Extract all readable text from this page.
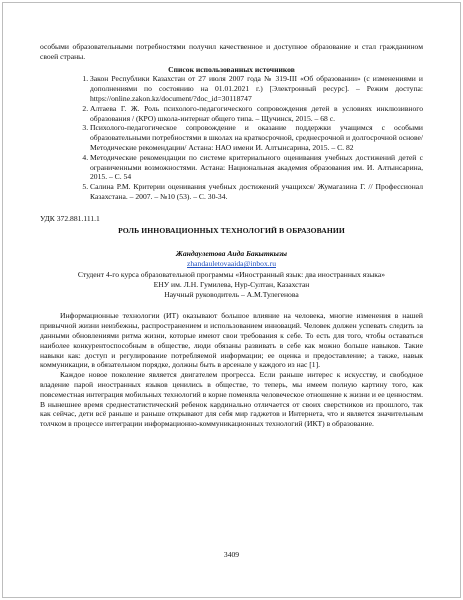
особыми образовательными потребностями получил качественное и доступное образование и стал гражданином своей страны.

Список использованных источников

1. Закон Республики Казахстан от 27 июля 2007 года № 319-III «Об образовании» (с изменениями и дополнениями по состоянию на 01.01.2021 г.) [Электронный ресурс]. – Режим доступа: https://online.zakon.kz/document/?doc_id=30118747
2. Алтаева Г. Ж. Роль психолого-педагогического сопровождения детей в условиях инклюзивного образования / (КРО) школа-интернат общего типа. – Щучинск, 2015. – 68 с.
3. Психолого-педагогическое сопровождение и оказание поддержки учащимся с особыми образовательными потребностями в школах на краткосрочной, среднесрочной и долгосрочной основе/ Методические рекомендации/ Астана: НАО имени И. Алтынсарина, 2015. – С. 82
4. Методические рекомендации по системе критериального оценивания учебных достижений детей с ограниченными возможностями. Астана: Национальная академия образования им. И. Алтынсарина, 2015. – С. 54
5. Салина Р.М. Критерии оценивания учебных достижений учащихся/ Жумагазина Г. // Профессионал Казахстана. – 2007. – №10 (53). – С. 30-34.

УДК 372.881.111.1

РОЛЬ ИННОВАЦИОННЫХ ТЕХНОЛОГИЙ В ОБРАЗОВАНИИ

Жандаулетова Аида Бакыткызы

zhandauletovaaida@inbox.ru

Студент 4-го курса образовательной программы «Иностранный язык: два иностранных языка» ЕНУ им. Л.Н. Гумилева, Нур-Султан, Казахстан

Научный руководитель – А.М.Тулегенова

Информационные технологии (ИТ) оказывают большое влияние на человека, многие изменения в нашей привычной жизни неизбежны, распространением и использованием инноваций. Человек должен успевать следить за данными обновлениями ритма жизни, которые имеют свои требования к себе. То есть для того, чтобы оставаться наиболее конкурентоспособным в обществе, люди обязаны развивать в себе как можно больше навыков. Такие навыки как: доступ и регулирование потребляемой информации; ее оценка и предоставление; а также, навык коммуникации, в обязательном порядке, должны быть в арсенале у каждого из нас [1].

Каждое новое поколение является двигателем прогресса. Если раньше интерес к искусству, и свободное владение парой иностранных языков ценились в обществе, то теперь, мы имеем полную картину того, как повсеместная интеграция мобильных технологий в корне поменяла человеческое отношение к жизни и ее ценностям. В нынешнее время среднестатистический ребенок кардинально отличается от своих сверстников из прошлого, так как сейчас, дети всё раньше и раньше открывают для себя мир гаджетов и Интернета, что и является значительным толчком в процессе интеграции информационно-коммуникационных технологий (ИКТ) в образование.

3409
